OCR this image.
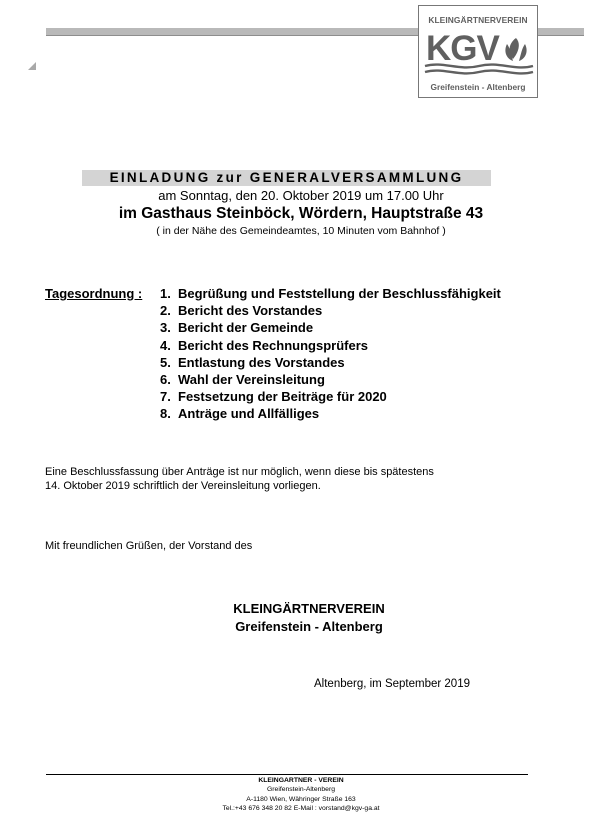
KLEINGÄRTNERVEREIN
KGV
Greifenstein - Altenberg
EINLADUNG zur GENERALVERSAMMLUNG
am Sonntag, den 20. Oktober 2019 um 17.00 Uhr
im Gasthaus Steinböck, Wördern, Hauptstraße 43
( in der Nähe des Gemeindeamtes, 10 Minuten vom Bahnhof )
Tagesordnung : 1. Begrüßung und Feststellung der Beschlussfähigkeit
2. Bericht des Vorstandes
3. Bericht der Gemeinde
4. Bericht des Rechnungsprüfers
5. Entlastung des Vorstandes
6. Wahl der Vereinsleitung
7. Festsetzung der Beiträge für 2020
8. Anträge und Allfälliges
Eine Beschlussfassung über Anträge ist nur möglich, wenn diese bis spätestens
14. Oktober 2019 schriftlich der Vereinsleitung vorliegen.
Mit freundlichen Grüßen, der Vorstand des
KLEINGÄRTNERVEREIN
Greifenstein - Altenberg
Altenberg, im September 2019
KLEINGARTNER - VEREIN
Greifenstein-Altenberg
A-1180 Wien, Währinger Straße 163
Tel.:+43 676 348 20 82 E-Mail : vorstand@kgv-ga.at
